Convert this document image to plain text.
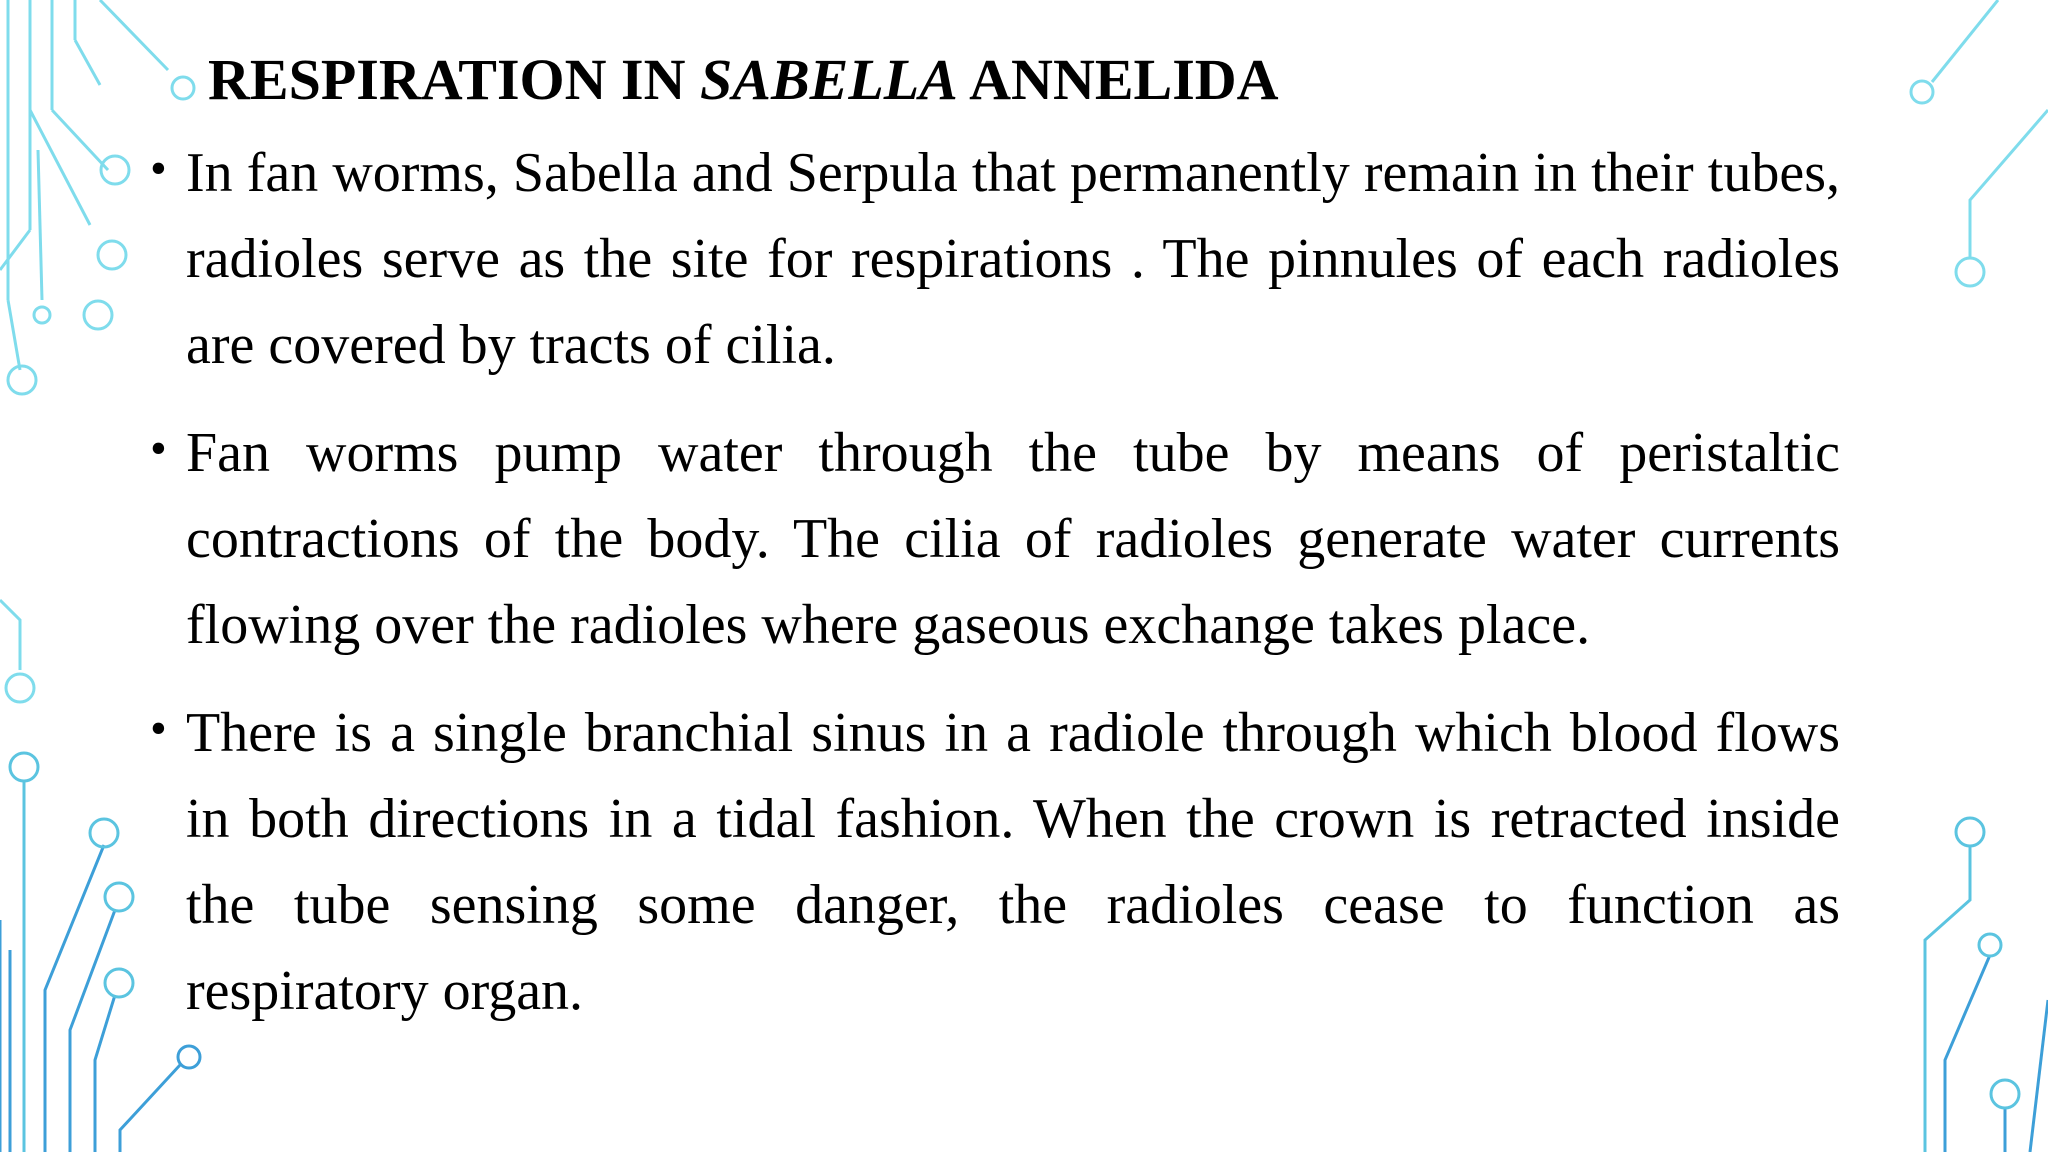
RESPIRATION IN SABELLA ANNELIDA
• In fan worms, Sabella and Serpula that permanently remain in their tubes, radioles serve as the site for respirations . The pinnules of each radioles are covered by tracts of cilia.
• Fan worms pump water through the tube by means of peristaltic contractions of the body. The cilia of radioles generate water currents flowing over the radioles where gaseous exchange takes place.
• There is a single branchial sinus in a radiole through which blood flows in both directions in a tidal fashion. When the crown is retracted inside the tube sensing some danger, the radioles cease to function as respiratory organ.
